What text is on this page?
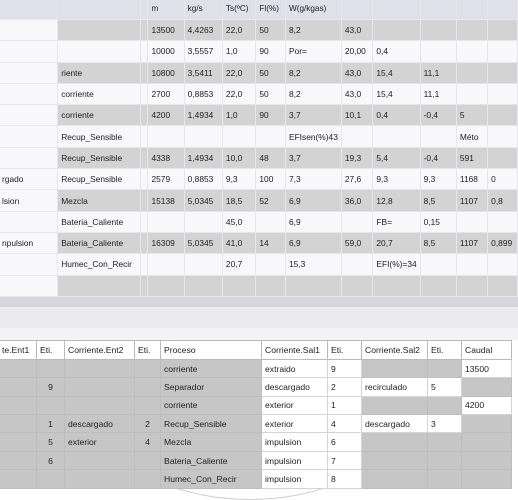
			m	kg/s	Ts(ºC)	Fl(%)	W(g/kgas)					
			13500	4,4263	22,0	50	8,2	43,0				
			10000	3,5557	1,0	90	Por=	20,00	0,4			
	riente		10800	3,5411	22,0	50	8,2	43,0	15,4	11,1		
	corriente		2700	0,8853	22,0	50	8,2	43,0	15,4	11,1		
	corriente		4200	1,4934	1,0	90	3,7	10,1	0,4	-0,4	5	
	Recup_Sensible						EFIsen(%)43				Méto	
	Recup_Sensible		4338	1,4934	10,0	48	3,7	19,3	5,4	-0,4	591	
rgado	Recup_Sensible		2579	0,8853	9,3	100	7,3	27,6	9,3	9,3	1168	0
lsion	Mezcla		15138	5,0345	18,5	52	6,9	36,0	12,8	8,5	1107	0,8
	Bateria_Caliente				45,0		6,9		FB=	0,15		
npulsion	Bateria_Caliente		16309	5,0345	41,0	14	6,9	59,0	20,7	8,5	1107	0,899
	Humec_Con_Recir				20,7		15,3		EFI(%)=34			

te.Ent1	Eti.	Corriente.Ent2	Eti.	Proceso	Corriente.Sal1	Eti.	Corriente.Sal2	Eti.	Caudal
				corriente	extraido	9			13500
	9			Separador	descargado	2	recirculado	5	
				corriente	exterior	1			4200
	1	descargado	2	Recup_Sensible	exterior	4	descargado	3	
	5	exterior	4	Mezcla	impulsion	6			
	6			Bateria_Caliente	impulsion	7			
				Humec_Con_Recir	impulsion	8			
